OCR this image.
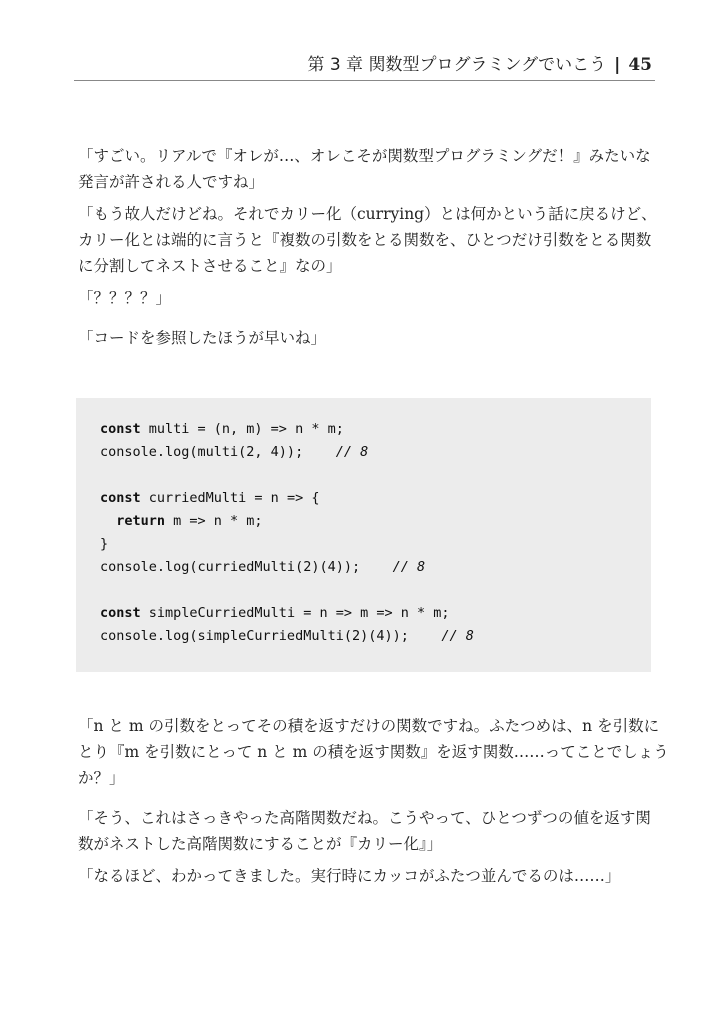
第 3 章 関数型プログラミングでいこう | 45
「すごい。リアルで『オレが…、オレこそが関数型プログラミングだ！』みたいな
発言が許される人ですね」
「もう故人だけどね。それでカリー化（currying）とは何かという話に戻るけど、
カリー化とは端的に言うと『複数の引数をとる関数を、ひとつだけ引数をとる関数
に分割してネストさせること』なの」
「？？？？」
「コードを参照したほうが早いね」
const multi = (n, m) => n * m;
console.log(multi(2, 4));    // 8
const curriedMulti = n => {
return m => n * m;
}
console.log(curriedMulti(2)(4));    // 8
const simpleCurriedMulti = n => m => n * m;
console.log(simpleCurriedMulti(2)(4));    // 8
「n と m の引数をとってその積を返すだけの関数ですね。ふたつめは、n を引数に
とり『m を引数にとって n と m の積を返す関数』を返す関数……ってことでしょう
か？」
「そう、これはさっきやった高階関数だね。こうやって、ひとつずつの値を返す関
数がネストした高階関数にすることが『カリー化』」
「なるほど、わかってきました。実行時にカッコがふたつ並んでるのは……」
